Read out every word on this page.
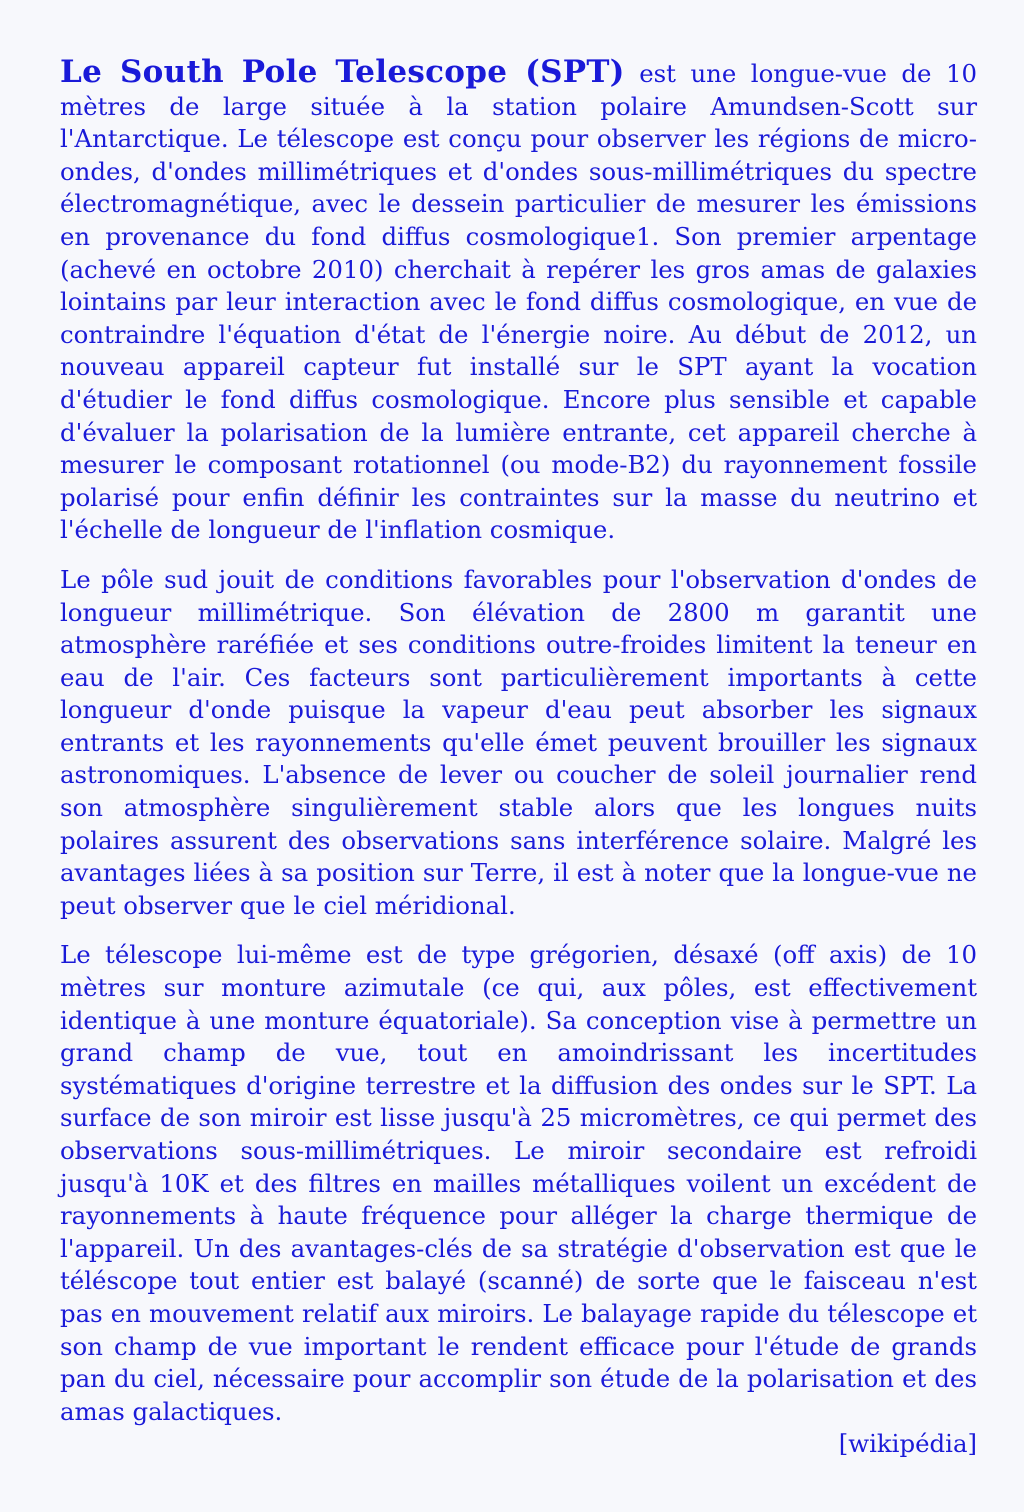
Le South Pole Telescope (SPT) est une longue-vue de 10 mètres de large située à la station polaire Amundsen-Scott sur l'Antarctique. Le télescope est conçu pour observer les régions de micro-ondes, d'ondes millimétriques et d'ondes sous-millimétriques du spectre électromagnétique, avec le dessein particulier de mesurer les émissions en provenance du fond diffus cosmologique1. Son premier arpentage (achevé en octobre 2010) cherchait à repérer les gros amas de galaxies lointains par leur interaction avec le fond diffus cosmologique, en vue de contraindre l'équation d'état de l'énergie noire. Au début de 2012, un nouveau appareil capteur fut installé sur le SPT ayant la vocation d'étudier le fond diffus cosmologique. Encore plus sensible et capable d'évaluer la polarisation de la lumière entrante, cet appareil cherche à mesurer le composant rotationnel (ou mode-B2) du rayonnement fossile polarisé pour enfin définir les contraintes sur la masse du neutrino et l'échelle de longueur de l'inflation cosmique.

Le pôle sud jouit de conditions favorables pour l'observation d'ondes de longueur millimétrique. Son élévation de 2800 m garantit une atmosphère raréfiée et ses conditions outre-froides limitent la teneur en eau de l'air. Ces facteurs sont particulièrement importants à cette longueur d'onde puisque la vapeur d'eau peut absorber les signaux entrants et les rayonnements qu'elle émet peuvent brouiller les signaux astronomiques. L'absence de lever ou coucher de soleil journalier rend son atmosphère singulièrement stable alors que les longues nuits polaires assurent des observations sans interférence solaire. Malgré les avantages liées à sa position sur Terre, il est à noter que la longue-vue ne peut observer que le ciel méridional.

Le télescope lui-même est de type grégorien, désaxé (off axis) de 10 mètres sur monture azimutale (ce qui, aux pôles, est effectivement identique à une monture équatoriale). Sa conception vise à permettre un grand champ de vue, tout en amoindrissant les incertitudes systématiques d'origine terrestre et la diffusion des ondes sur le SPT. La surface de son miroir est lisse jusqu'à 25 micromètres, ce qui permet des observations sous-millimétriques. Le miroir secondaire est refroidi jusqu'à 10K et des filtres en mailles métalliques voilent un excédent de rayonnements à haute fréquence pour alléger la charge thermique de l'appareil. Un des avantages-clés de sa stratégie d'observation est que le téléscope tout entier est balayé (scanné) de sorte que le faisceau n'est pas en mouvement relatif aux miroirs. Le balayage rapide du télescope et son champ de vue important le rendent efficace pour l'étude de grands pan du ciel, nécessaire pour accomplir son étude de la polarisation et des amas galactiques.

[wikipédia]
